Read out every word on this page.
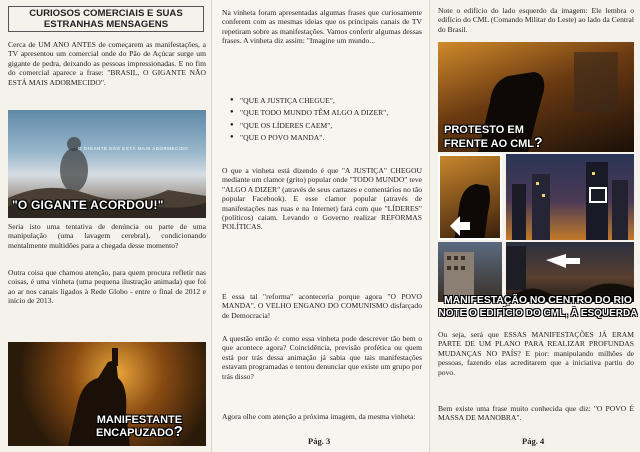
CURIOSOS COMERCIAIS E SUAS ESTRANHAS MENSAGENS

Cerca de UM ANO ANTES de começarem as manifestações, a TV apresentou um comercial onde do Pão de Açúcar surge um gigante de pedra, deixando as pessoas impressionadas. E no fim do comercial aparece a frase: "BRASIL, O GIGANTE NÃO ESTÁ MAIS ADORMECIDO".

O GIGANTE NÃO ESTÁ MAIS ADORMECIDO.
"O GIGANTE ACORDOU!"

Seria isto uma tentativa de denúncia ou parte de uma manipulação (uma lavagem cerebral), condicionando mentalmente multidões para a chegada desse momento?

Outra coisa que chamou atenção, para quem procura refletir nas coisas, é uma vinheta (uma pequena ilustração animada) que foi ao ar nos canais ligados à Rede Globo - entre o final de 2012 e início de 2013.

MANIFESTANTE
ENCAPUZADO?

Na vinheta foram apresentadas algumas frases que curiosamente conferem com as mesmas ideias que os principais canais de TV repetiram sobre as manifestações. Vamos conferir algumas dessas frases. A vinheta diz assim: "Imagine um mundo...

● "QUE A JUSTIÇA CHEGUE",
● "QUE TODO MUNDO TÊM ALGO A DIZER",
● "QUE OS LÍDERES CAEM",
● "QUE O POVO MANDA".

O que a vinheta está dizendo é que "A JUSTIÇA" CHEGOU mediante um clamor (grito) popular onde "TODO MUNDO" teve "ALGO A DIZER" (através de seus cartazes e comentários no tão popular Facebook). E esse clamor popular (através de manifestações nas ruas e na Internet) fará com que "LÍDERES" (políticos) caiam. Levando o Governo realizar REFORMAS POLÍTICAS.

E essa tal "reforma" aconteceria porque agora "O POVO MANDA". O VELHO ENGANO DO COMUNISMO disfarçado de Democracia!

A questão então é: como essa vinheta pode descrever tão bem o que acontece agora? Coincidência, previsão profética ou quem está por trás dessa animação já sabia que tais manifestações estavam programadas e tentou denunciar que existe um grupo por trás disso?

Agora olhe com atenção a próxima imagem, da mesma vinheta:

Pág. 3

Note o edifício do lado esquerdo da imagem: Ele lembra o edifício do CML (Comando Militar do Leste) ao lado da Central do Brasil.

PROTESTO EM
FRENTE AO CML?
MANIFESTAÇÃO NO CENTRO DO RIO
NOTE O EDIFÍCIO DO CML, À ESQUERDA

Ou seja, será que ESSAS MANIFESTAÇÕES JÁ ERAM PARTE DE UM PLANO PARA REALIZAR PROFUNDAS MUDANÇAS NO PAÍS? E pior: manipulando milhões de pessoas, fazendo elas acreditarem que a iniciativa partiu do povo.

Bem existe uma frase muito conhecida que diz: "O POVO É MASSA DE MANOBRA".

Pág. 4
